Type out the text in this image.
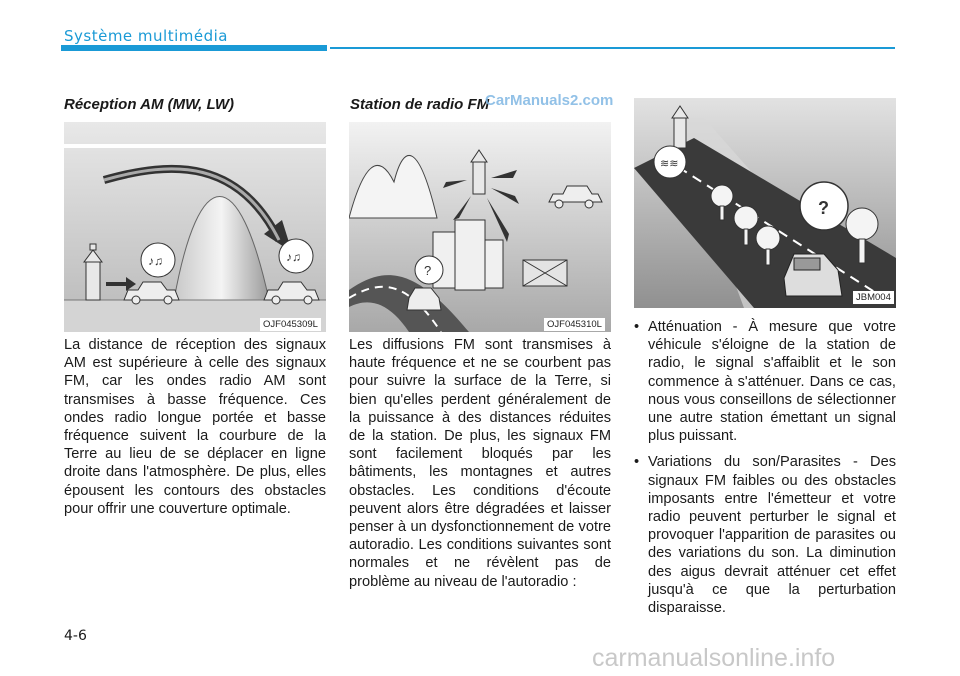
Système multimédia
Réception AM (MW, LW)
♪♫	♪♫
OJF045309L
La distance de réception des signaux AM est supérieure à celle des signaux FM, car les ondes radio AM sont transmises à basse fréquence. Ces ondes radio longue portée et basse fréquence suivent la courbure de la Terre au lieu de se déplacer en ligne droite dans l'atmosphère. De plus, elles épousent les contours des obstacles pour offrir une couverture optimale.
Station de radio FM
?
OJF045310L
Les diffusions FM sont transmises à haute fréquence et ne se courbent pas pour suivre la surface de la Terre, si bien qu'elles perdent généralement de la puissance à des distances réduites de la station. De plus, les signaux FM sont facilement bloqués par les bâtiments, les montagnes et autres obstacles. Les conditions d'écoute peuvent alors être dégradées et laisser penser à un dysfonctionnement de votre autoradio. Les conditions suivantes sont normales et ne révèlent pas de problème au niveau de l'autoradio :
≋≋
?
JBM004
• Atténuation - À mesure que votre véhicule s'éloigne de la station de radio, le signal s'affaiblit et le son commence à s'atténuer. Dans ce cas, nous vous conseillons de sélectionner une autre station émettant un signal plus puissant.
• Variations du son/Parasites - Des signaux FM faibles ou des obstacles imposants entre l'émetteur et votre radio peuvent perturber le signal et provoquer l'apparition de parasites ou des variations du son. La diminution des aigus devrait atténuer cet effet jusqu'à ce que la perturbation disparaisse.
4-6
CarManuals2.com
carmanualsonline.info
